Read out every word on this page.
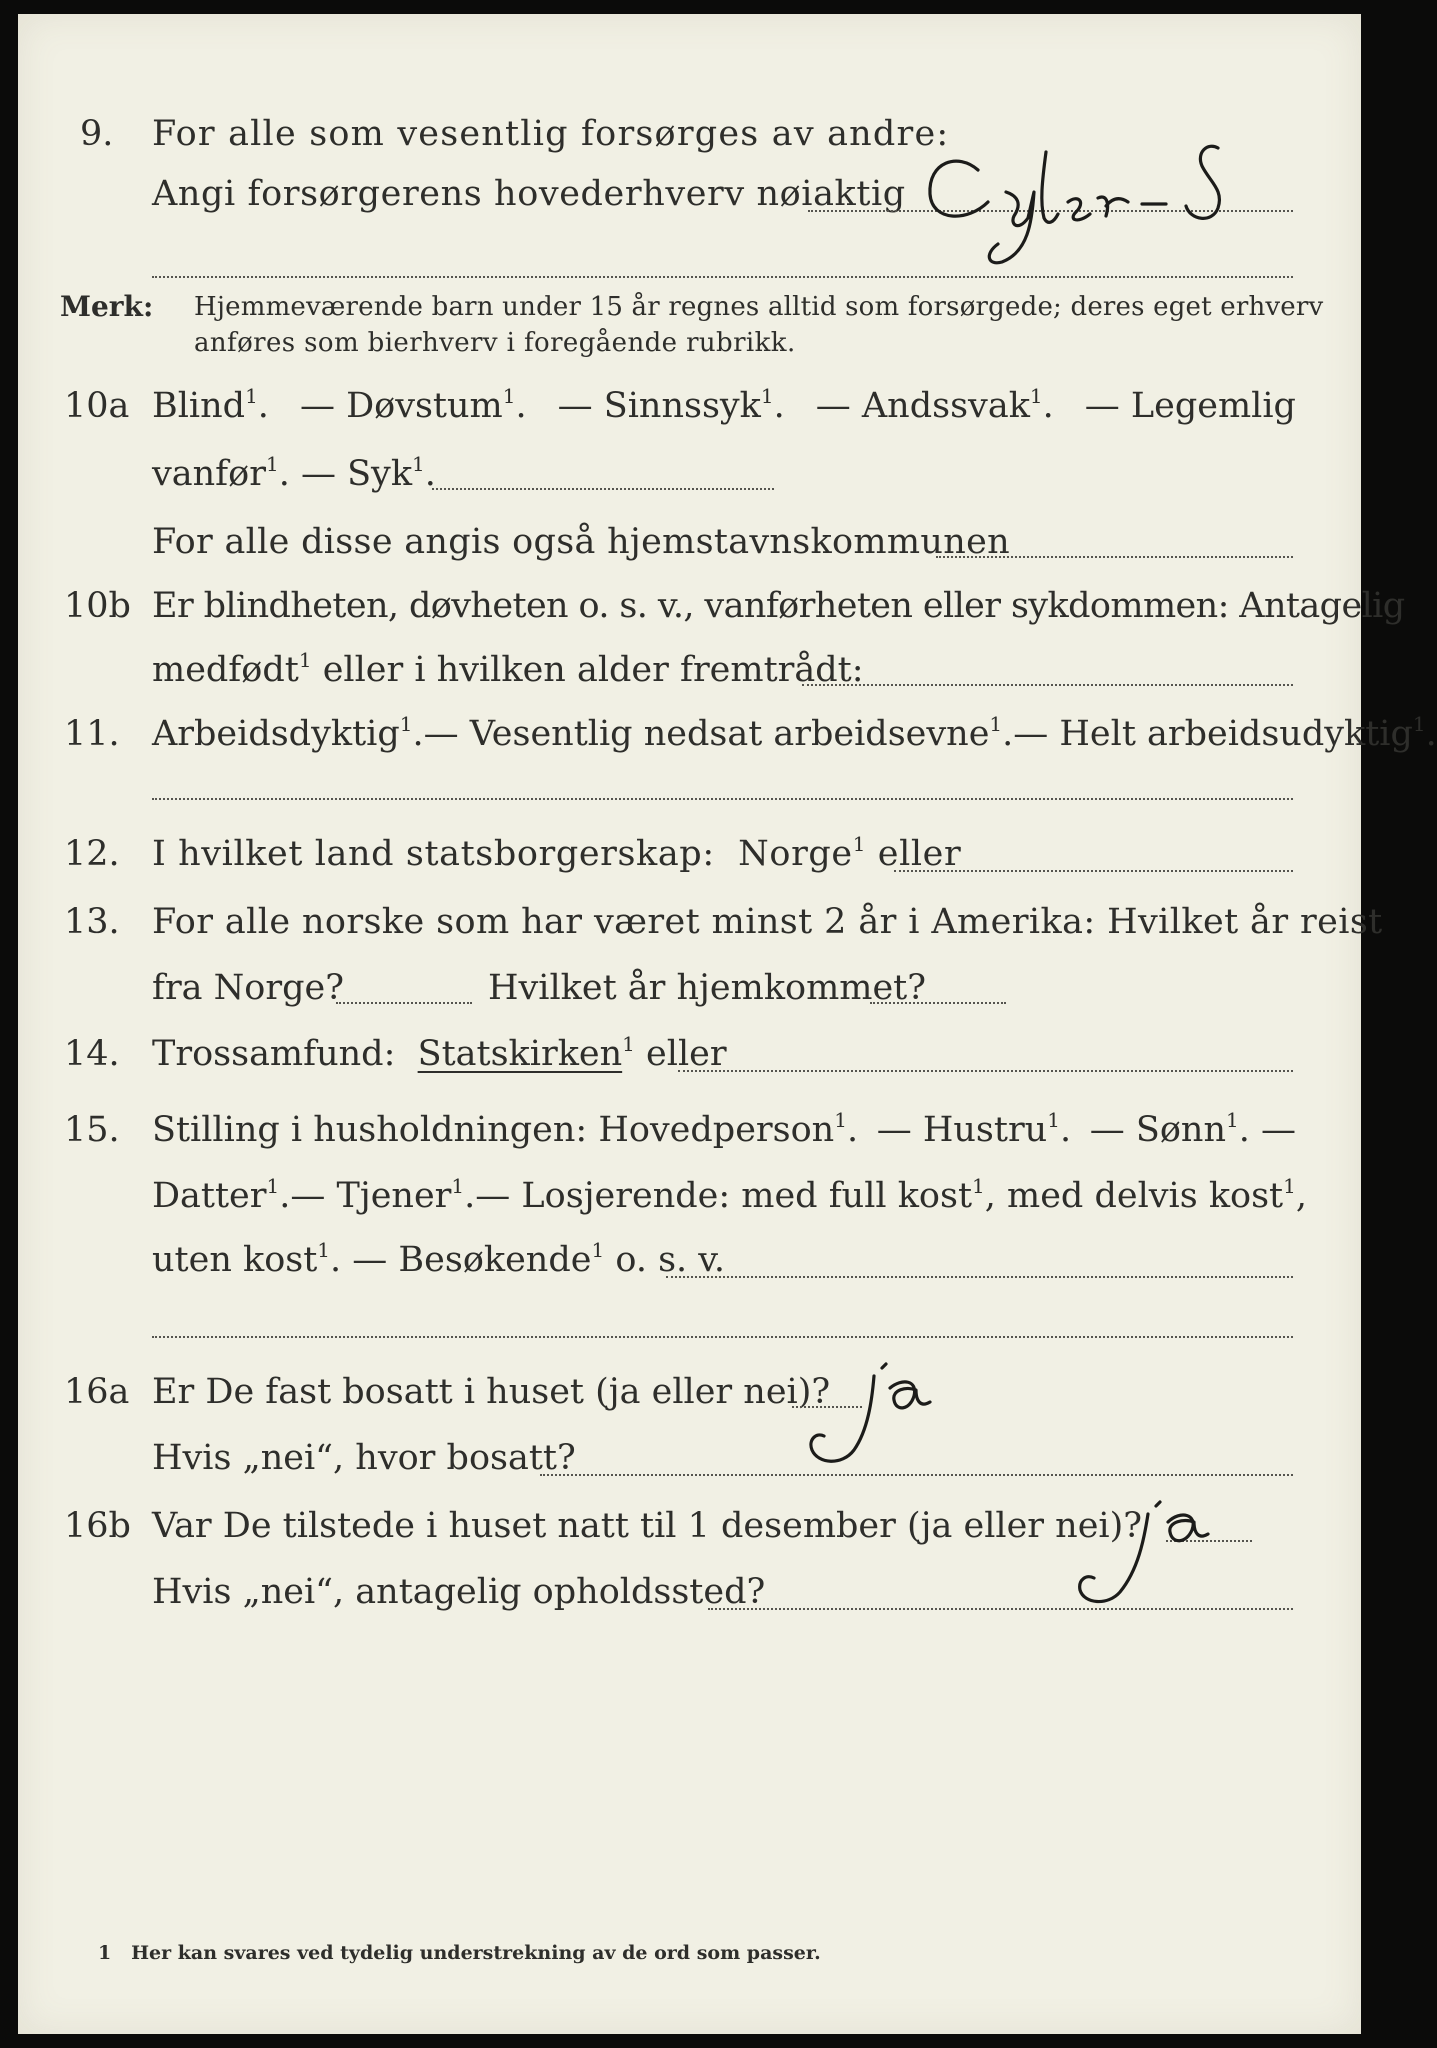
9.	For alle som vesentlig forsørges av andre:
Angi forsørgerens hovederhverv nøiaktig
Merk: Hjemmeværende barn under 15 år regnes alltid som forsørgede; deres eget erhverv
anføres som bierhverv i foregående rubrikk.
10a Blind$^1$. — Døvstum$^1$. — Sinnssyk$^1$. — Andssvak$^1$. — Legemlig
vanfør$^1$. — Syk$^1$.
For alle disse angis også hjemstavnskommunen
10b Er blindheten, døvheten o. s. v., vanførheten eller sykdommen: Antagelig
medfødt$^1$ eller i hvilken alder fremtrådt:
11. Arbeidsdyktig$^1$. — Vesentlig nedsat arbeidsevne$^1$. — Helt arbeidsudyktig$^1$.
12. I hvilket land statsborgerskap: Norge$^1$ eller
13. For alle norske som har været minst 2 år i Amerika: Hvilket år reist
fra Norge?	Hvilket år hjemkommet?
14. Trossamfund: Statskirken$^1$ eller
15. Stilling i husholdningen: Hovedperson$^1$. — Hustru$^1$. — Sønn$^1$. —
Datter$^1$. — Tjener$^1$. — Losjerende: med full kost$^1$ , med delvis kost$^1$,
uten kost$^1$. — Besøkende$^1$ o. s. v.
16a Er De fast bosatt i huset (ja eller nei)?
Hvis „nei“, hvor bosatt?
16b Var De tilstede i huset natt til 1 desember (ja eller nei)?
Hvis „nei“, antagelig opholdssted?
1 Her kan svares ved tydelig understrekning av de ord som passer.
